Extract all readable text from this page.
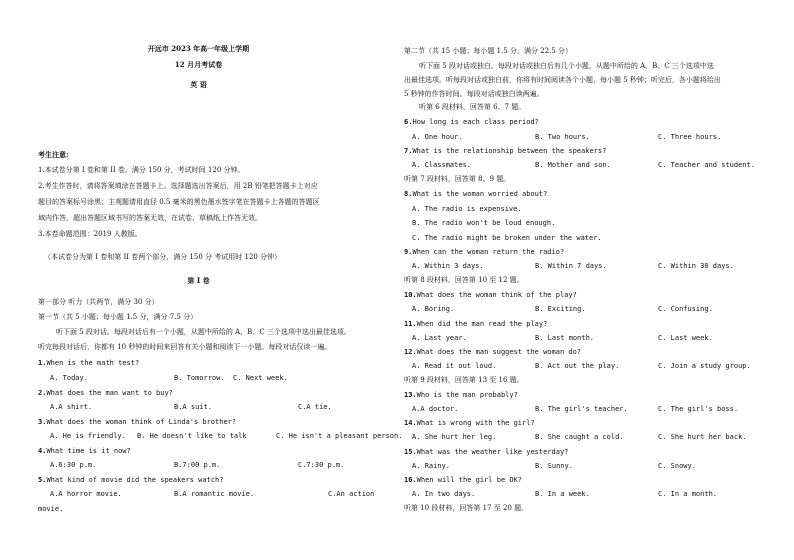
开远市 2023 年高一年级上学期
12 月月考试卷
英 语
考生注意:
1.本试卷分第 I 卷和第 II 卷，满分 150 分，考试时间 120 分钟。
2.考生作答时，请将答案填涂在答题卡上。选择题选出答案后，用 2B 铅笔把答题卡上对应
题目的答案标号涂黑；主观题请用直径 0.5 毫米的黑色墨水签字笔在答题卡上各题的答题区
域内作答，超出答题区域书写的答案无效，在试卷、草稿纸上作答无效。
3.本卷命题范围：2019 人教版。
（本试卷分为第 I 卷和第 II 卷两个部分，满分 150 分 考试用时 120 分钟）
第 I 卷
第一部分 听力（共两节，满分 30 分）
第一节（共 5 小题；每小题 1.5 分，满分 7.5 分）
听下面 5 段对话。每段对话后有一个小题，从题中所给的 A、B、C 三个选项中选出最佳选项。
听完每段对话后，你都有 10 秒钟的时间来回答有关小题和阅读下一小题。每段对话仅读一遍。
1.When is the math test?
A. Today.	B. Tomorrow. C. Next week.
2.What does the man want to buy?
A.A shirt.	B.A suit.	C.A tie.
3.What does the woman think of Linda's brother?
A. He is friendly. B. He doesn't like to talk	C. He isn't a pleasant person.
4.What time is it now?
A.6:30 p.m.	B.7:00 p.m.	C.7:30 p.m.
5.What kind of movie did the speakers watch?
A.A horror movie.	B.A romantic movie.	C.An action
movie.
第二节（共 15 小题；每小题 1.5 分，满分 22.5 分）
听下面 5 段对话或独白。每段对话或独白后有几个小题，从题中所给的 A、B、C 三个选项中选
出最佳选项。听每段对话或独白前，你将有时间阅读各个小题，每小题 5 秒钟；听完后，各小题将给出
5 秒钟的作答时间。每段对话或独白读两遍。
听第 6 段材料，回答第 6、7 题。
6.How long is each class period?
A. One hour.	B. Two hours.	C. Three hours.
7.What is the relationship between the speakers?
A. Classmates.	B. Mother and son.	C. Teacher and student.
听第 7 段材料，回答第 8、9 题。
8.What is the woman worried about?
A. The radio is expensive.
B. The radio won't be loud enough.
C. The radio might be broken under the water.
9.When can the woman return the radio?
A. Within 3 days.	B. Within 7 days.	C. Within 30 days.
听第 8 段材料，回答第 10 至 12 题。
10.What does the woman think of the play?
A. Boring.	B. Exciting.	C. Confusing.
11.When did the man read the play?
A. Last year.	B. Last month.	C. Last week.
12.What does the man suggest the woman do?
A. Read it out loud.	B. Act out the play.	C. Join a study group.
听第 9 段材料，回答第 13 至 16 题。
13.Who is the man probably?
A.A doctor.	B. The girl's teacher.	C. The girl's boss.
14.What is wrong with the girl?
A. She hurt her leg.	B. She caught a cold.	C. She hurt her back.
15.What was the weather like yesterday?
A. Rainy.	B. Sunny.	C. Snowy.
16.When will the girl be OK?
A. In two days.	B. In a week.	C. In a month.
听第 10 段材料，回答第 17 至 20 题。
